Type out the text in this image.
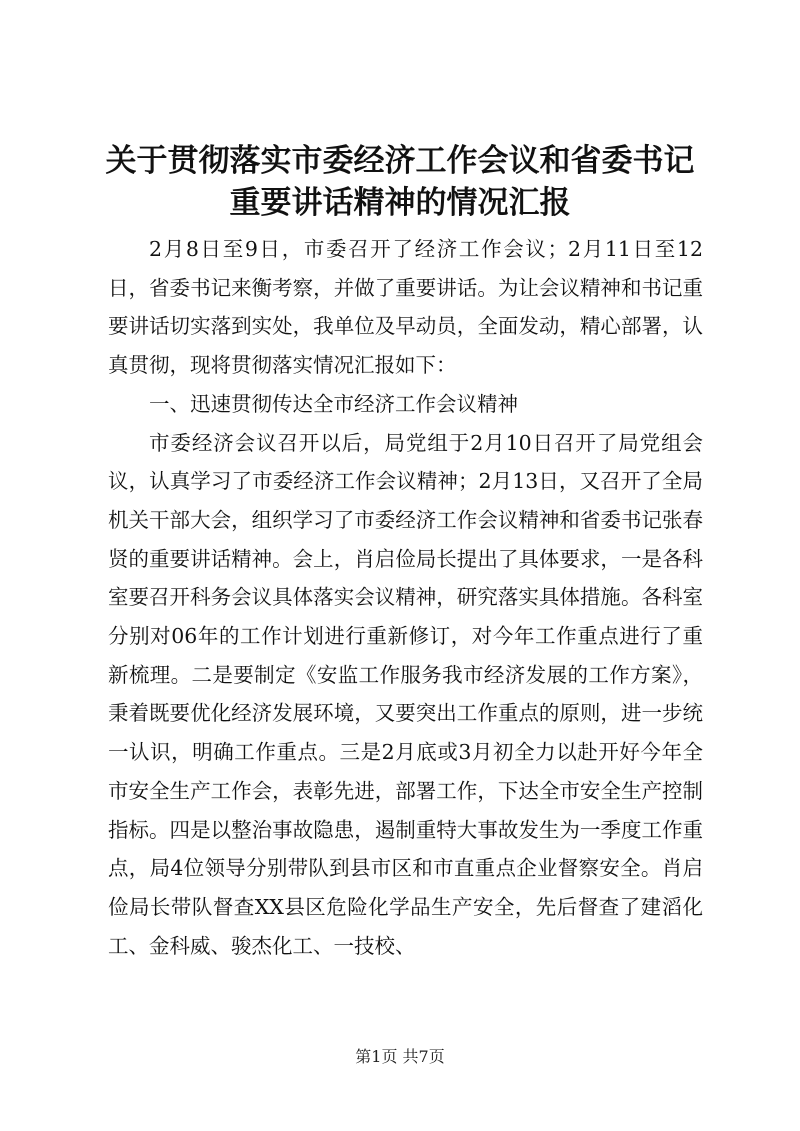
关于贯彻落实市委经济工作会议和省委书记重要讲话精神的情况汇报

2月8日至9日，市委召开了经济工作会议；2月11日至12日，省委书记来衡考察，并做了重要讲话。为让会议精神和书记重要讲话切实落到实处，我单位及早动员，全面发动，精心部署，认真贯彻，现将贯彻落实情况汇报如下：

一、迅速贯彻传达全市经济工作会议精神

市委经济会议召开以后，局党组于2月10日召开了局党组会议，认真学习了市委经济工作会议精神；2月13日，又召开了全局机关干部大会，组织学习了市委经济工作会议精神和省委书记张春贤的重要讲话精神。会上，肖启俭局长提出了具体要求，一是各科室要召开科务会议具体落实会议精神，研究落实具体措施。各科室分别对06年的工作计划进行重新修订，对今年工作重点进行了重新梳理。二是要制定《安监工作服务我市经济发展的工作方案》，秉着既要优化经济发展环境，又要突出工作重点的原则，进一步统一认识，明确工作重点。三是2月底或3月初全力以赴开好今年全市安全生产工作会，表彰先进，部署工作，下达全市安全生产控制指标。四是以整治事故隐患，遏制重特大事故发生为一季度工作重点，局4位领导分别带队到县市区和市直重点企业督察安全。肖启俭局长带队督查XX县区危险化学品生产安全，先后督查了建滔化工、金科威、骏杰化工、一技校、

第1页 共7页
